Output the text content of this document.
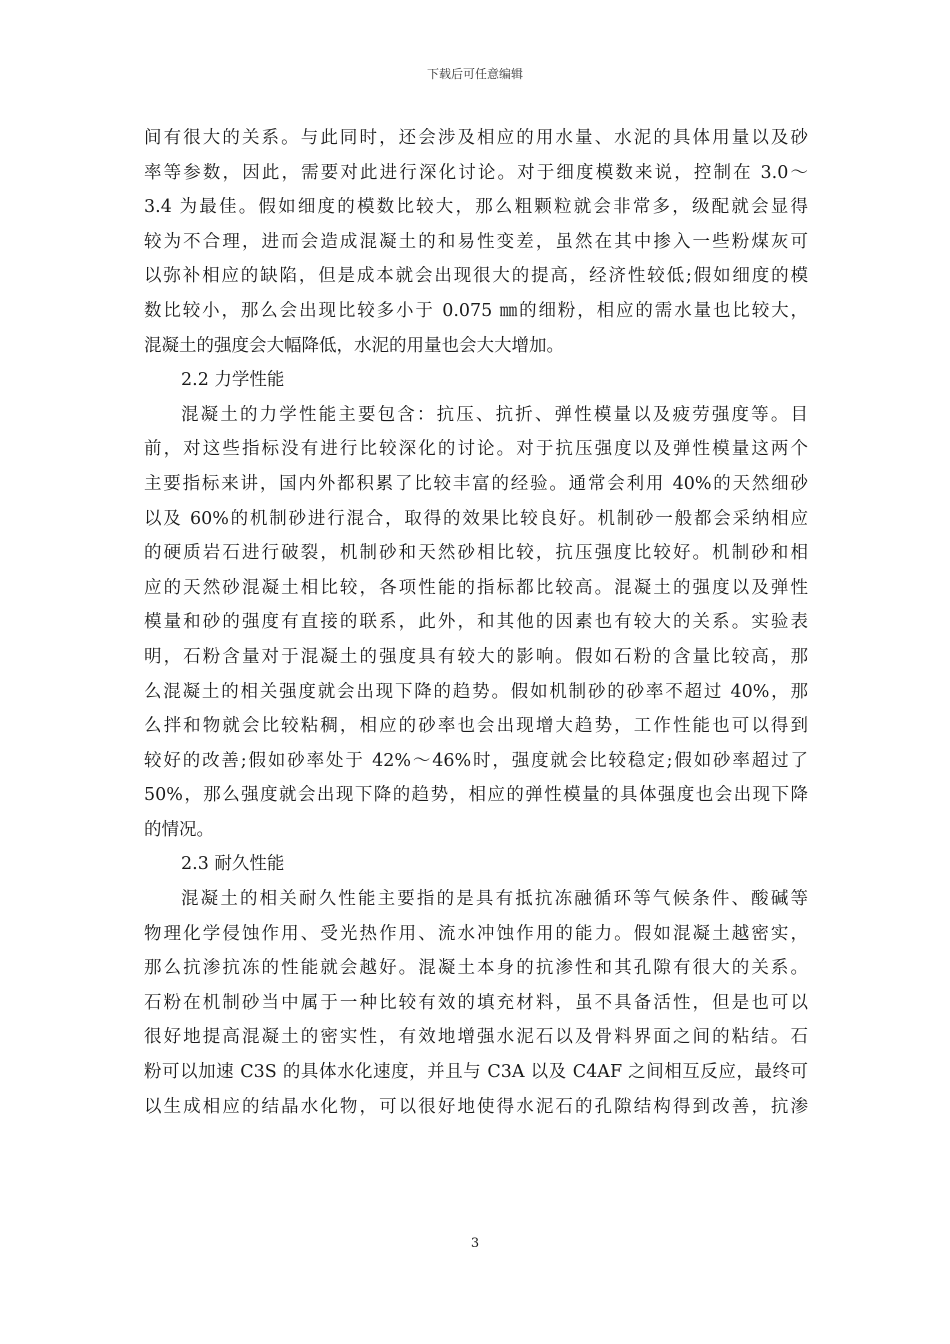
下载后可任意编辑
间有很大的关系。与此同时，还会涉及相应的用水量、水泥的具体用量以及砂
率等参数，因此，需要对此进行深化讨论。对于细度模数来说，控制在 3.0～
3.4 为最佳。假如细度的模数比较大，那么粗颗粒就会非常多，级配就会显得
较为不合理，进而会造成混凝土的和易性变差，虽然在其中掺入一些粉煤灰可
以弥补相应的缺陷，但是成本就会出现很大的提高，经济性较低;假如细度的模
数比较小，那么会出现比较多小于 0.075 ㎜的细粉，相应的需水量也比较大，
混凝土的强度会大幅降低，水泥的用量也会大大增加。
2.2 力学性能
混凝土的力学性能主要包含：抗压、抗折、弹性模量以及疲劳强度等。目
前，对这些指标没有进行比较深化的讨论。对于抗压强度以及弹性模量这两个
主要指标来讲，国内外都积累了比较丰富的经验。通常会利用 40%的天然细砂
以及 60%的机制砂进行混合，取得的效果比较良好。机制砂一般都会采纳相应
的硬质岩石进行破裂，机制砂和天然砂相比较，抗压强度比较好。机制砂和相
应的天然砂混凝土相比较，各项性能的指标都比较高。混凝土的强度以及弹性
模量和砂的强度有直接的联系，此外，和其他的因素也有较大的关系。实验表
明，石粉含量对于混凝土的强度具有较大的影响。假如石粉的含量比较高，那
么混凝土的相关强度就会出现下降的趋势。假如机制砂的砂率不超过 40%，那
么拌和物就会比较粘稠，相应的砂率也会出现增大趋势，工作性能也可以得到
较好的改善;假如砂率处于 42%～46%时，强度就会比较稳定;假如砂率超过了
50%，那么强度就会出现下降的趋势，相应的弹性模量的具体强度也会出现下降
的情况。
2.3 耐久性能
混凝土的相关耐久性能主要指的是具有抵抗冻融循环等气候条件、酸碱等
物理化学侵蚀作用、受光热作用、流水冲蚀作用的能力。假如混凝土越密实，
那么抗渗抗冻的性能就会越好。混凝土本身的抗渗性和其孔隙有很大的关系。
石粉在机制砂当中属于一种比较有效的填充材料，虽不具备活性，但是也可以
很好地提高混凝土的密实性，有效地增强水泥石以及骨料界面之间的粘结。石
粉可以加速 C3S 的具体水化速度，并且与 C3A 以及 C4AF 之间相互反应，最终可
以生成相应的结晶水化物，可以很好地使得水泥石的孔隙结构得到改善，抗渗
3
